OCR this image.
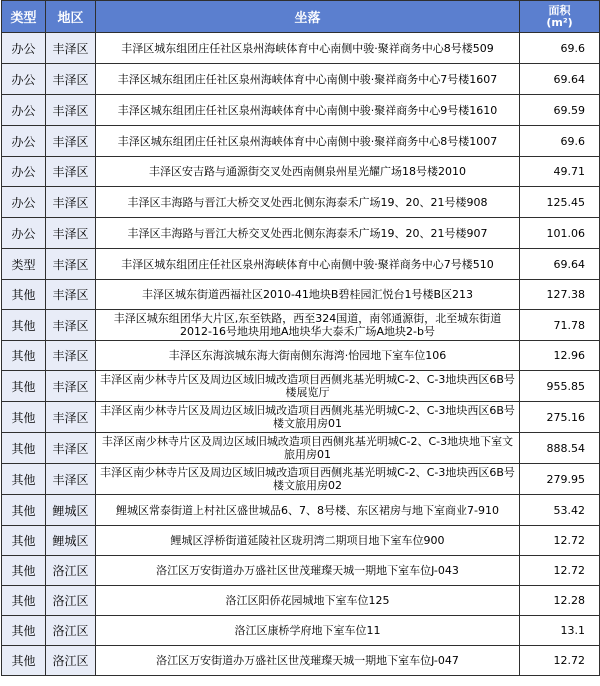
类型	地区	坐落	面积
(m²)
办公	丰泽区	丰泽区城东组团庄任社区泉州海峡体育中心南侧中骏·聚祥商务中心8号楼509	69.6
办公	丰泽区	丰泽区城东组团庄任社区泉州海峡体育中心南侧中骏·聚祥商务中心7号楼1607	69.64
办公	丰泽区	丰泽区城东组团庄任社区泉州海峡体育中心南侧中骏·聚祥商务中心9号楼1610	69.59
办公	丰泽区	丰泽区城东组团庄任社区泉州海峡体育中心南侧中骏·聚祥商务中心8号楼1007	69.6
办公	丰泽区	丰泽区安吉路与通源街交叉处西南侧泉州星光耀广场18号楼2010	49.71
办公	丰泽区	丰泽区丰海路与晋江大桥交叉处西北侧东海泰禾广场19、20、21号楼908	125.45
办公	丰泽区	丰泽区丰海路与晋江大桥交叉处西北侧东海泰禾广场19、20、21号楼907	101.06
类型	丰泽区	丰泽区城东组团庄任社区泉州海峡体育中心南侧中骏·聚祥商务中心7号楼510	69.64
其他	丰泽区	丰泽区城东街道西福社区2010-41地块B碧桂园汇悦台1号楼B区213	127.38
其他	丰泽区	丰泽区城东组团华大片区,东至铁路，西至324国道，南邻通源街，北至城东街道2012-16号地块用地A地块华大泰禾广场A地块2-b号	71.78
其他	丰泽区	丰泽区东海滨城东海大街南侧东海湾·怡园地下室车位106	12.96
其他	丰泽区	丰泽区南少林寺片区及周边区域旧城改造项目西侧兆基光明城C-2、C-3地块西区6B号楼展览厅	955.85
其他	丰泽区	丰泽区南少林寺片区及周边区域旧城改造项目西侧兆基光明城C-2、C-3地块西区6B号楼文旅用房01	275.16
其他	丰泽区	丰泽区南少林寺片区及周边区域旧城改造项目西侧兆基光明城C-2、C-3地块地下室文旅用房01	888.54
其他	丰泽区	丰泽区南少林寺片区及周边区域旧城改造项目西侧兆基光明城C-2、C-3地块西区6B号楼文旅用房02	279.95
其他	鲤城区	鲤城区常泰街道上村社区盛世城品6、7、8号楼、东区裙房与地下室商业7-910	53.42
其他	鲤城区	鲤城区浮桥街道延陵社区珑玥湾二期项目地下室车位900	12.72
其他	洛江区	洛江区万安街道办万盛社区世茂璀璨天城一期地下室车位J-043	12.72
其他	洛江区	洛江区阳侨花园城地下室车位125	12.28
其他	洛江区	洛江区康桥学府地下室车位11	13.1
其他	洛江区	洛江区万安街道办万盛社区世茂璀璨天城一期地下室车位J-047	12.72
